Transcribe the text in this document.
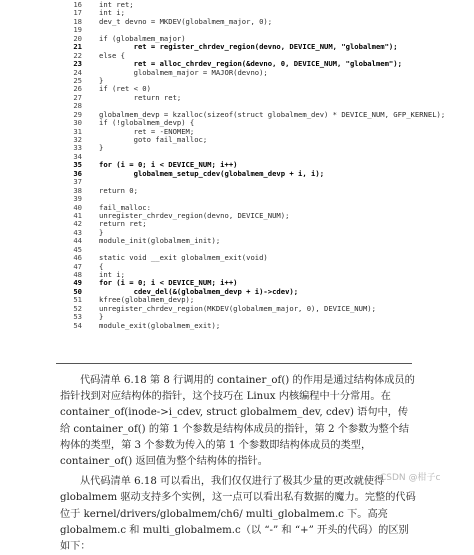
16 int ret;
17 int i;
18 dev_t devno = MKDEV(globalmem_major, 0);
19
20 if (globalmem_major)
21 ret = register_chrdev_region(devno, DEVICE_NUM, "globalmem");
22 else {
23 ret = alloc_chrdev_region(&devno, 0, DEVICE_NUM, "globalmem");
24 globalmem_major = MAJOR(devno);
25 }
26 if (ret < 0)
27 return ret;
28
29 globalmem_devp = kzalloc(sizeof(struct globalmem_dev) * DEVICE_NUM, GFP_KERNEL);
30 if (!globalmem_devp) {
31 ret = -ENOMEM;
32 goto fail_malloc;
33 }
34
35 for (i = 0; i < DEVICE_NUM; i++)
36 globalmem_setup_cdev(globalmem_devp + i, i);
37
38 return 0;
39
40 fail_malloc:
41 unregister_chrdev_region(devno, DEVICE_NUM);
42 return ret;
43 }
44 module_init(globalmem_init);
45
46 static void __exit globalmem_exit(void)
47 {
48 int i;
49 for (i = 0; i < DEVICE_NUM; i++)
50 cdev_del(&(globalmem_devp + i)->cdev);
51 kfree(globalmem_devp);
52 unregister_chrdev_region(MKDEV(globalmem_major, 0), DEVICE_NUM);
53 }
54 module_exit(globalmem_exit);

代码清单 6.18 第 8 行调用的 container_of() 的作用是通过结构体成员的指针找到对应结构体的指针，这个技巧在 Linux 内核编程中十分常用。在 container_of(inode->i_cdev, struct globalmem_dev, cdev) 语句中，传给 container_of() 的第 1 个参数是结构体成员的指针，第 2 个参数为整个结构体的类型，第 3 个参数为传入的第 1 个参数即结构体成员的类型，container_of() 返回值为整个结构体的指针。

从代码清单 6.18 可以看出，我们仅仅进行了极其少量的更改就使得 globalmem 驱动支持多个实例，这一点可以看出私有数据的魔力。完整的代码位于 kernel/drivers/globalmem/ch6/ multi_globalmem.c 下。高亮 globalmem.c 和 multi_globalmem.c（以 “-” 和 “+” 开头的代码）的区别如下：

CSDN @柑子c
